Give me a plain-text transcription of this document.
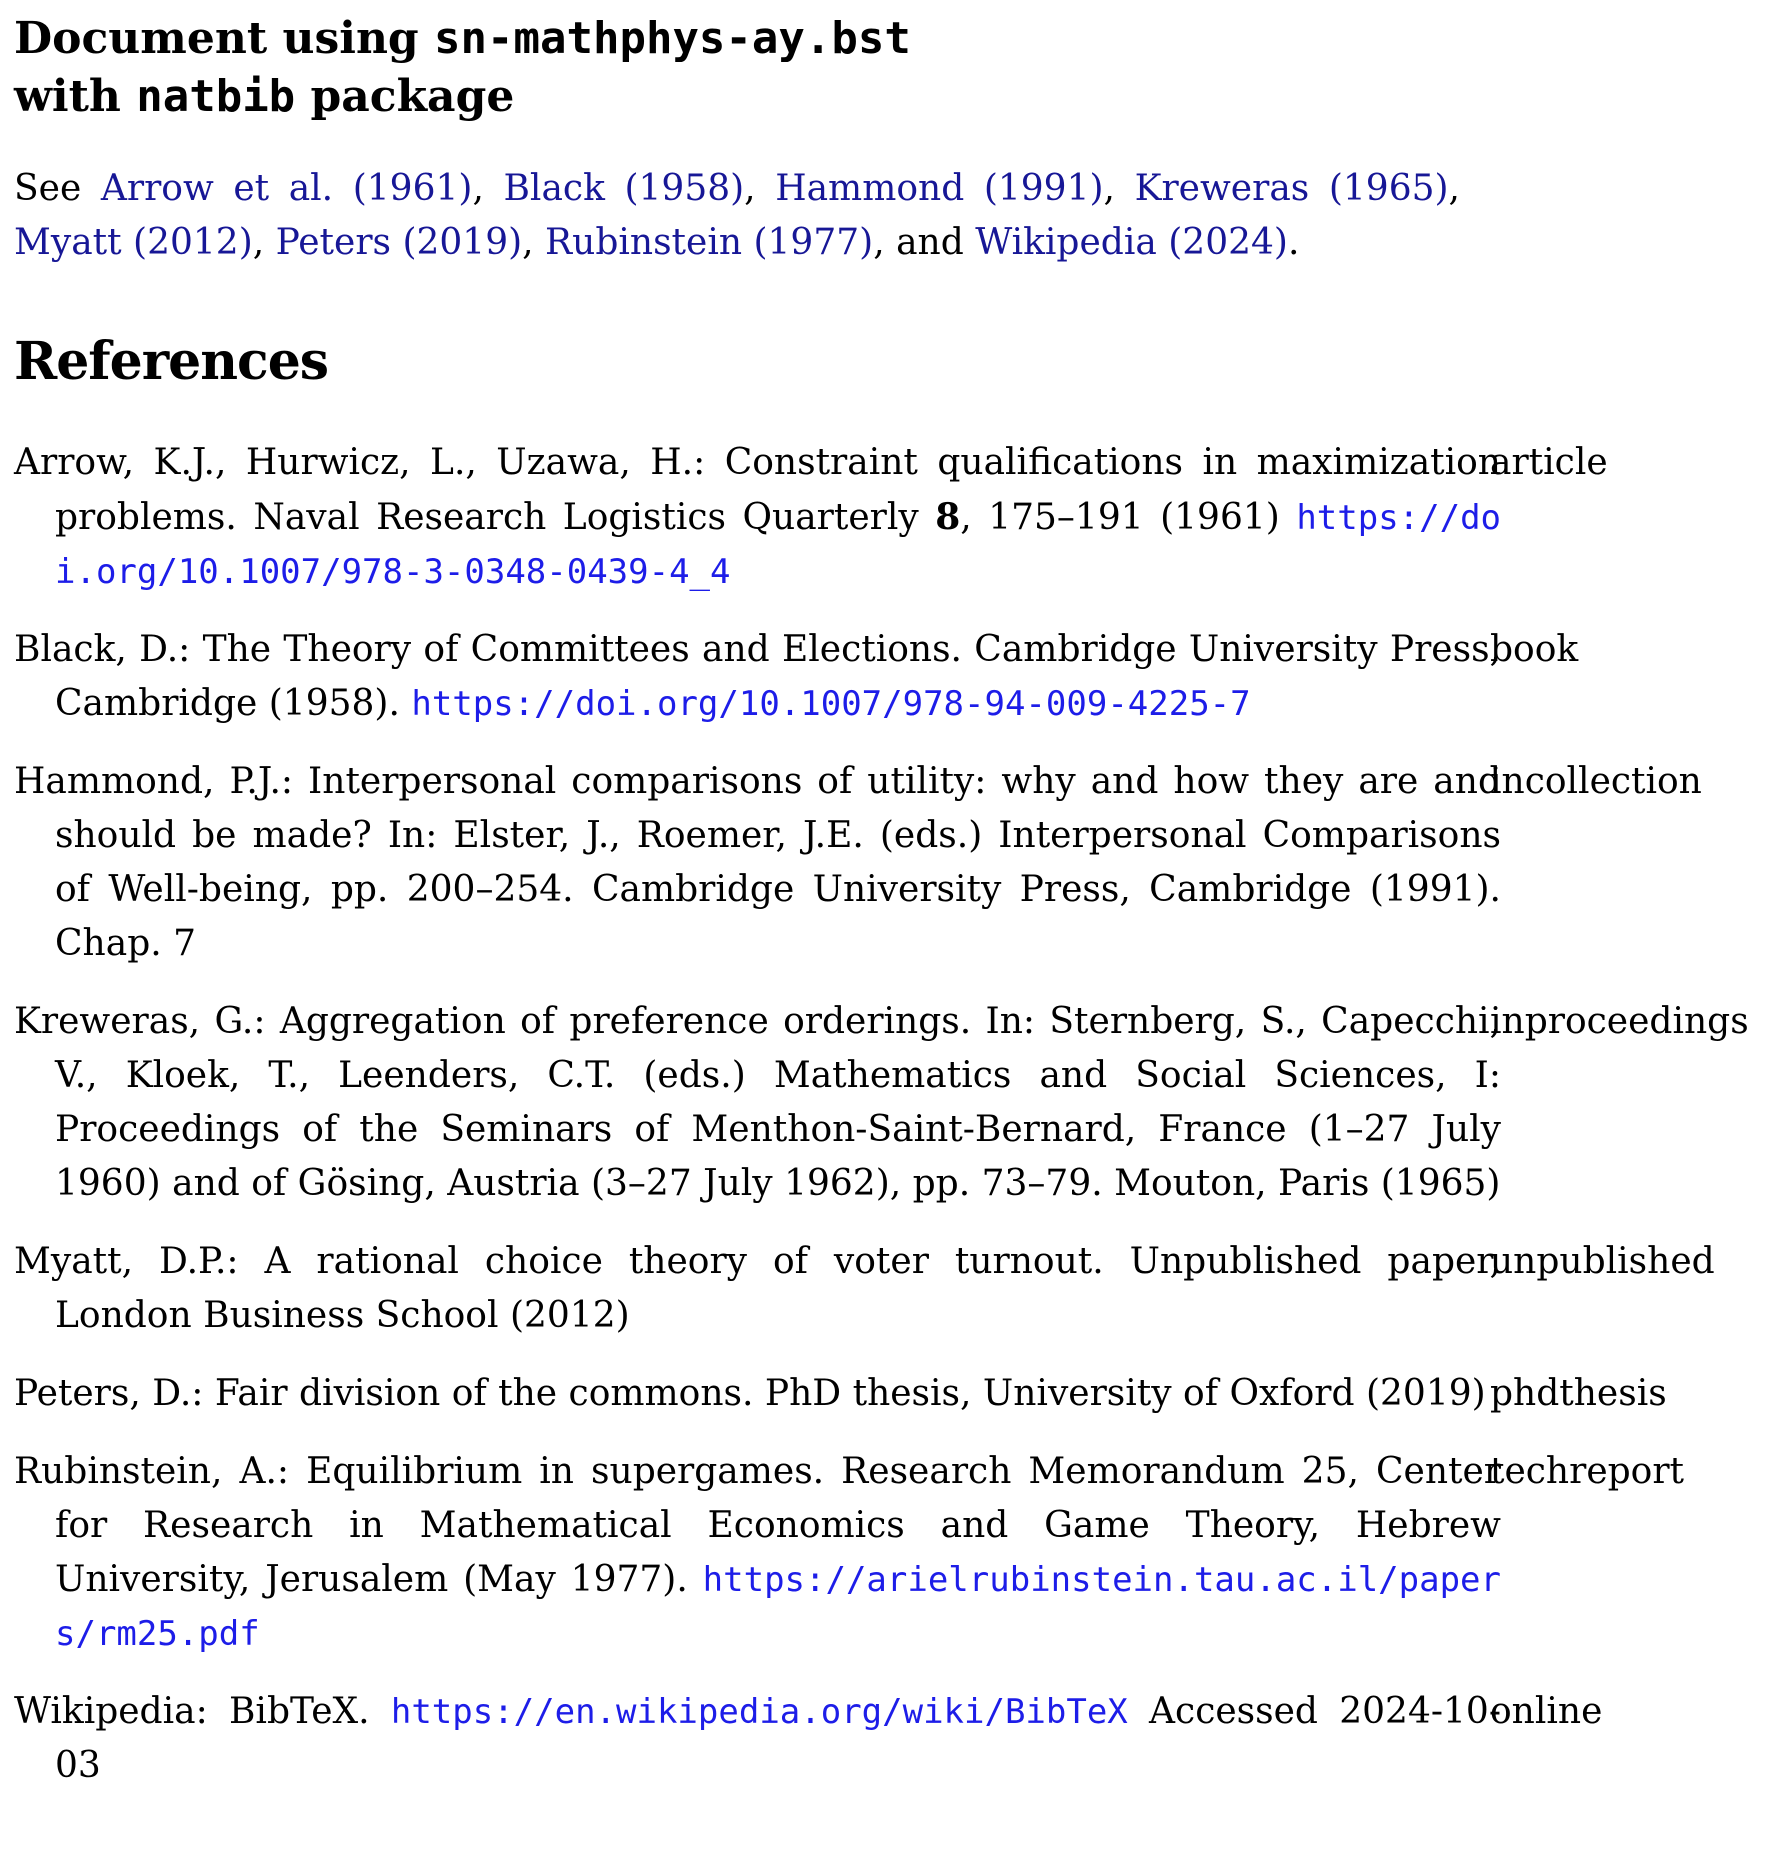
Document using sn-mathphys-ay.bst
with natbib package

See Arrow et al. (1961), Black (1958), Hammond (1991), Kreweras (1965), Myatt (2012), Peters (2019), Rubinstein (1977), and Wikipedia (2024).

References

Arrow, K.J., Hurwicz, L., Uzawa, H.: Constraint qualifications in maximization problems. Naval Research Logistics Quarterly 8, 175–191 (1961) https://doi.org/10.1007/978-3-0348-0439-4_4

article

Black, D.: The Theory of Committees and Elections. Cambridge University Press, Cambridge (1958). https://doi.org/10.1007/978-94-009-4225-7

book

Hammond, P.J.: Interpersonal comparisons of utility: why and how they are and should be made? In: Elster, J., Roemer, J.E. (eds.) Interpersonal Comparisons of Well-being, pp. 200–254. Cambridge University Press, Cambridge (1991). Chap. 7

incollection

Kreweras, G.: Aggregation of preference orderings. In: Sternberg, S., Capecchi, V., Kloek, T., Leenders, C.T. (eds.) Mathematics and Social Sciences, I: Proceedings of the Seminars of Menthon-Saint-Bernard, France (1–27 July 1960) and of Gösing, Austria (3–27 July 1962), pp. 73–79. Mouton, Paris (1965)

inproceedings

Myatt, D.P.: A rational choice theory of voter turnout. Unpublished paper, London Business School (2012)

unpublished

Peters, D.: Fair division of the commons. PhD thesis, University of Oxford (2019) phdthesis

Rubinstein, A.: Equilibrium in supergames. Research Memorandum 25, Center for Research in Mathematical Economics and Game Theory, Hebrew University, Jerusalem (May 1977). https://arielrubinstein.tau.ac.il/papers/rm25.pdf

techreport

Wikipedia: BibTeX. https://en.wikipedia.org/wiki/BibTeX Accessed 2024-10-03

online
